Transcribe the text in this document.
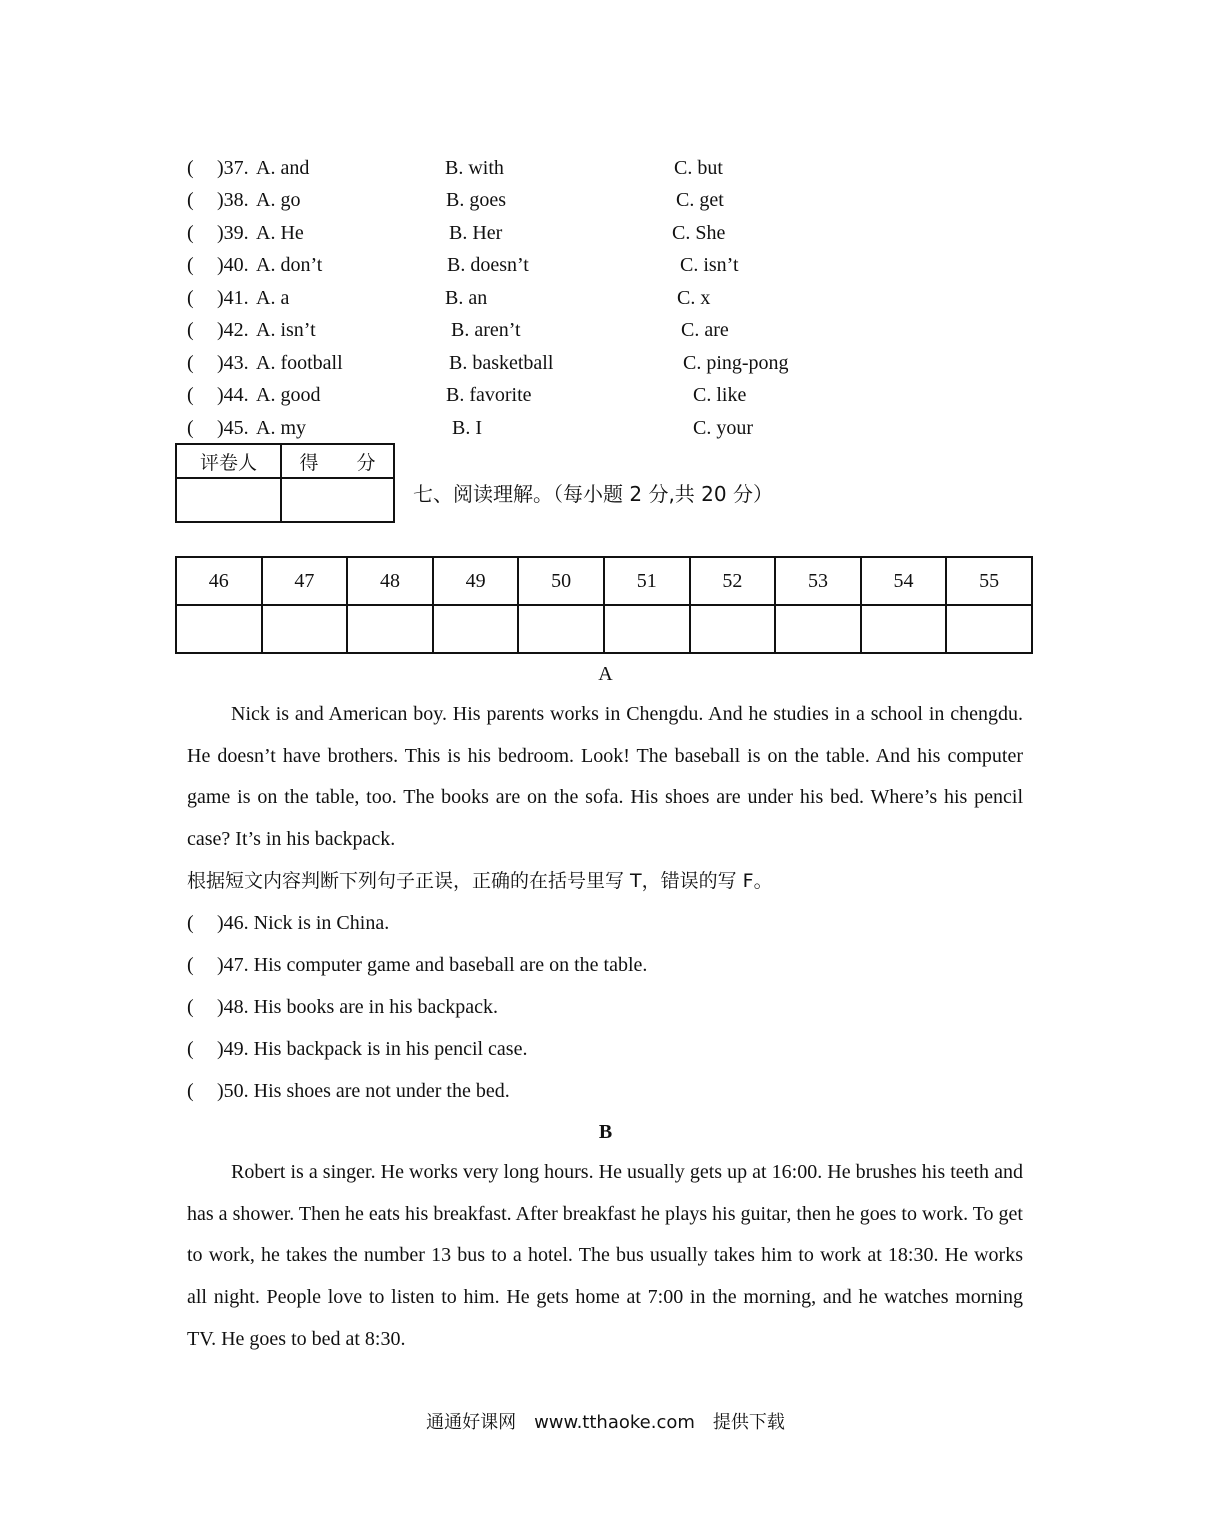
( )37. A. and	B. with	C. but
( )38. A. go	B. goes	C. get
( )39. A. He	B. Her	C. She
( )40. A. don’t	B. doesn’t	C. isn’t
( )41. A. a	B. an	C. x
( )42. A. isn’t	B. aren’t	C. are
( )43. A. football	B. basketball	C. ping-pong
( )44. A. good	B. favorite	C. like
( )45. A. my	B. I	C. your
评卷人	得　　分

七、阅读理解。（每小题 2 分,共 20 分）
46	47	48	49	50	51	52	53	54	55

A
Nick is and American boy. His parents works in Chengdu. And he studies in a school in chengdu. He doesn’t have brothers. This is his bedroom. Look! The baseball is on the table. And his computer game is on the table, too. The books are on the sofa. His shoes are under his bed. Where’s his pencil case? It’s in his backpack.
根据短文内容判断下列句子正误，正确的在括号里写 T，错误的写 F。
( )46. Nick is in China.
( )47. His computer game and baseball are on the table.
( )48. His books are in his backpack.
( )49. His backpack is in his pencil case.
( )50. His shoes are not under the bed.
B
Robert is a singer. He works very long hours. He usually gets up at 16:00. He brushes his teeth and has a shower. Then he eats his breakfast. After breakfast he plays his guitar, then he goes to work. To get to work, he takes the number 13 bus to a hotel. The bus usually takes him to work at 18:30. He works all night. People love to listen to him. He gets home at 7:00 in the morning, and he watches morning TV. He goes to bed at 8:30.
通通好课网　www.tthaoke.com　提供下载
